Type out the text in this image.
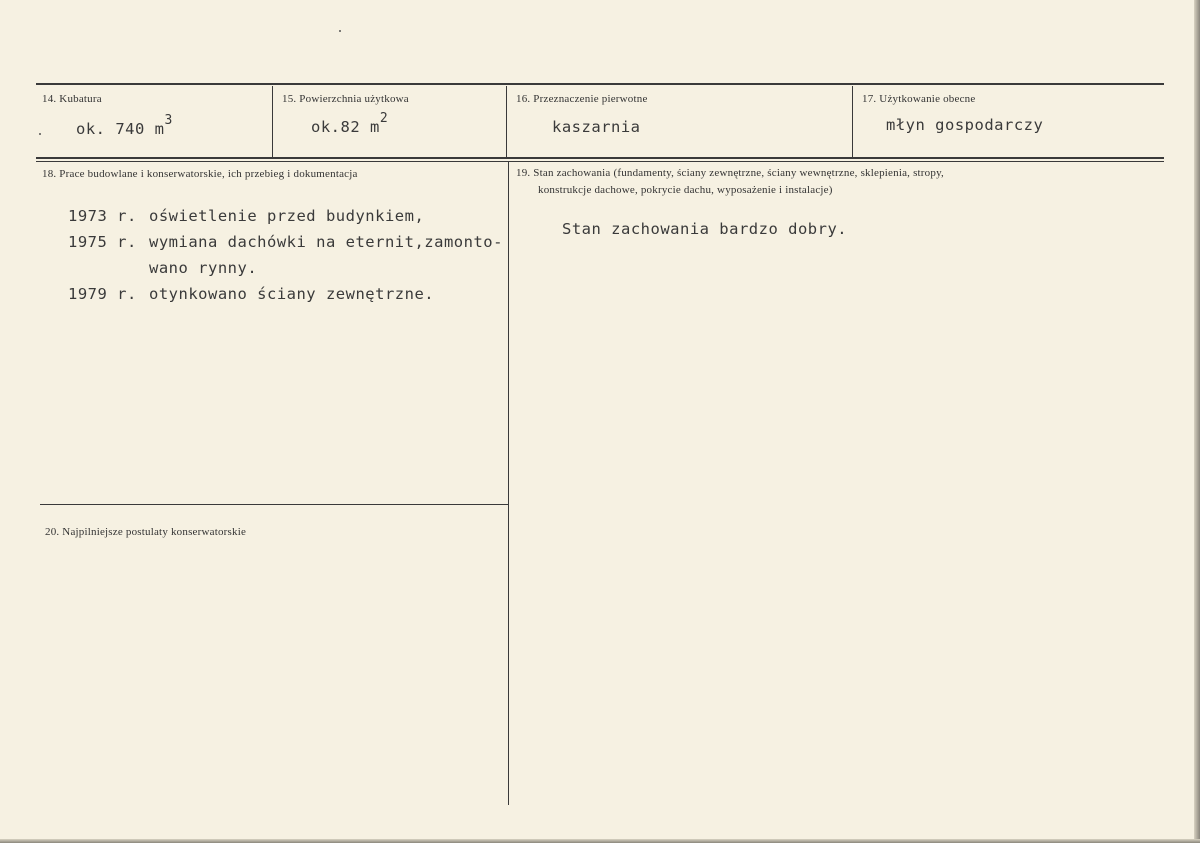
14. Kubatura
ok. 740 $m^3$
15. Powierzchnia użytkowa
ok.82 $m^2$
16. Przeznaczenie pierwotne
kaszarnia
17. Użytkowanie obecne
młyn gospodarczy
18. Prace budowlane i konserwatorskie, ich przebieg i dokumentacja
1973 r. oświetlenie przed budynkiem,
1975 r. wymiana dachówki na eternit,zamonto-
wano rynny.
1979 r. otynkowano ściany zewnętrzne.
19. Stan zachowania (fundamenty, ściany zewnętrzne, ściany wewnętrzne, sklepienia, stropy,
konstrukcje dachowe, pokrycie dachu, wyposażenie i instalacje)
Stan zachowania bardzo dobry.
20. Najpilniejsze postulaty konserwatorskie
